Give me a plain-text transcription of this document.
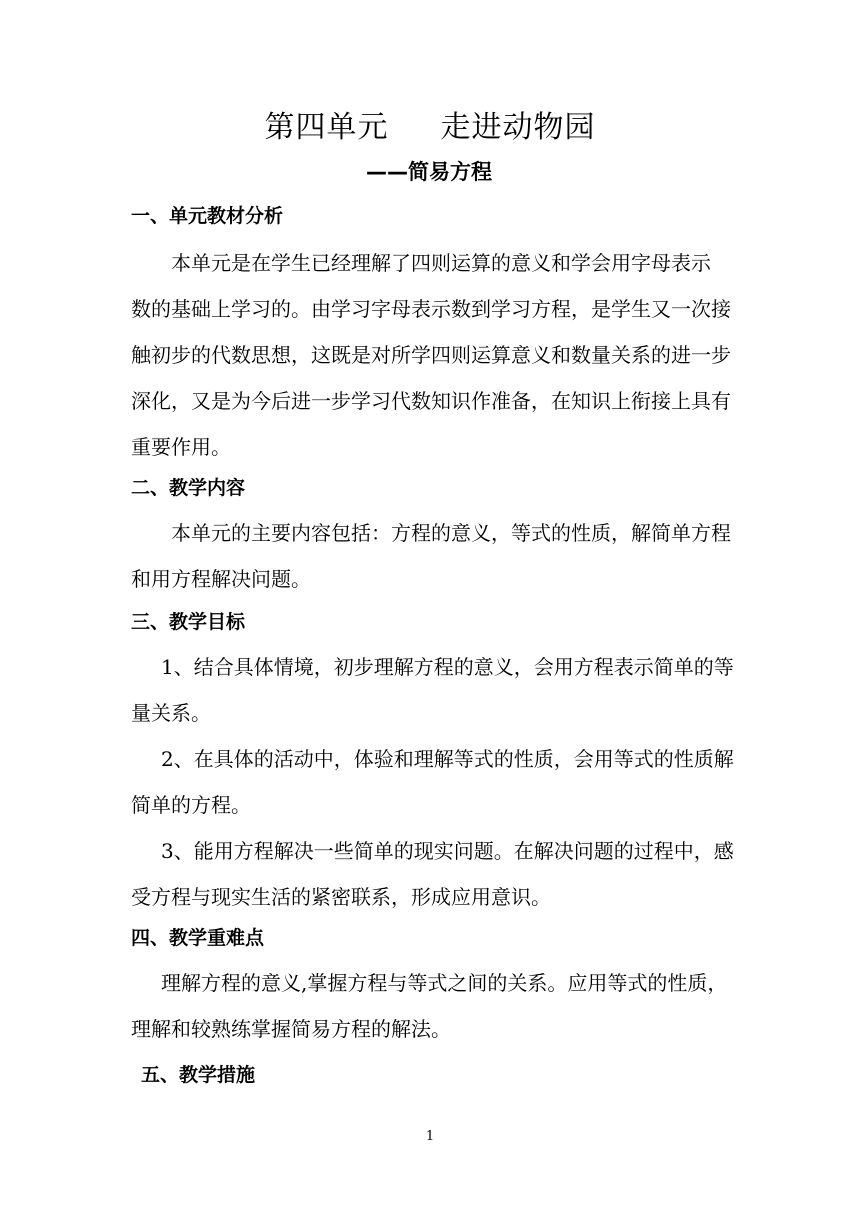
第四单元 走进动物园
——简易方程
一、单元教材分析
本单元是在学生已经理解了四则运算的意义和学会用字母表示
数的基础上学习的。由学习字母表示数到学习方程，是学生又一次接
触初步的代数思想，这既是对所学四则运算意义和数量关系的进一步
深化，又是为今后进一步学习代数知识作准备，在知识上衔接上具有
重要作用。
二、教学内容
本单元的主要内容包括：方程的意义，等式的性质，解简单方程
和用方程解决问题。
三、教学目标
1、结合具体情境，初步理解方程的意义，会用方程表示简单的等
量关系。
2、在具体的活动中，体验和理解等式的性质，会用等式的性质解
简单的方程。
3、能用方程解决一些简单的现实问题。在解决问题的过程中，感
受方程与现实生活的紧密联系，形成应用意识。
四、教学重难点
理解方程的意义,掌握方程与等式之间的关系。应用等式的性质，
理解和较熟练掌握简易方程的解法。
五、教学措施
1
